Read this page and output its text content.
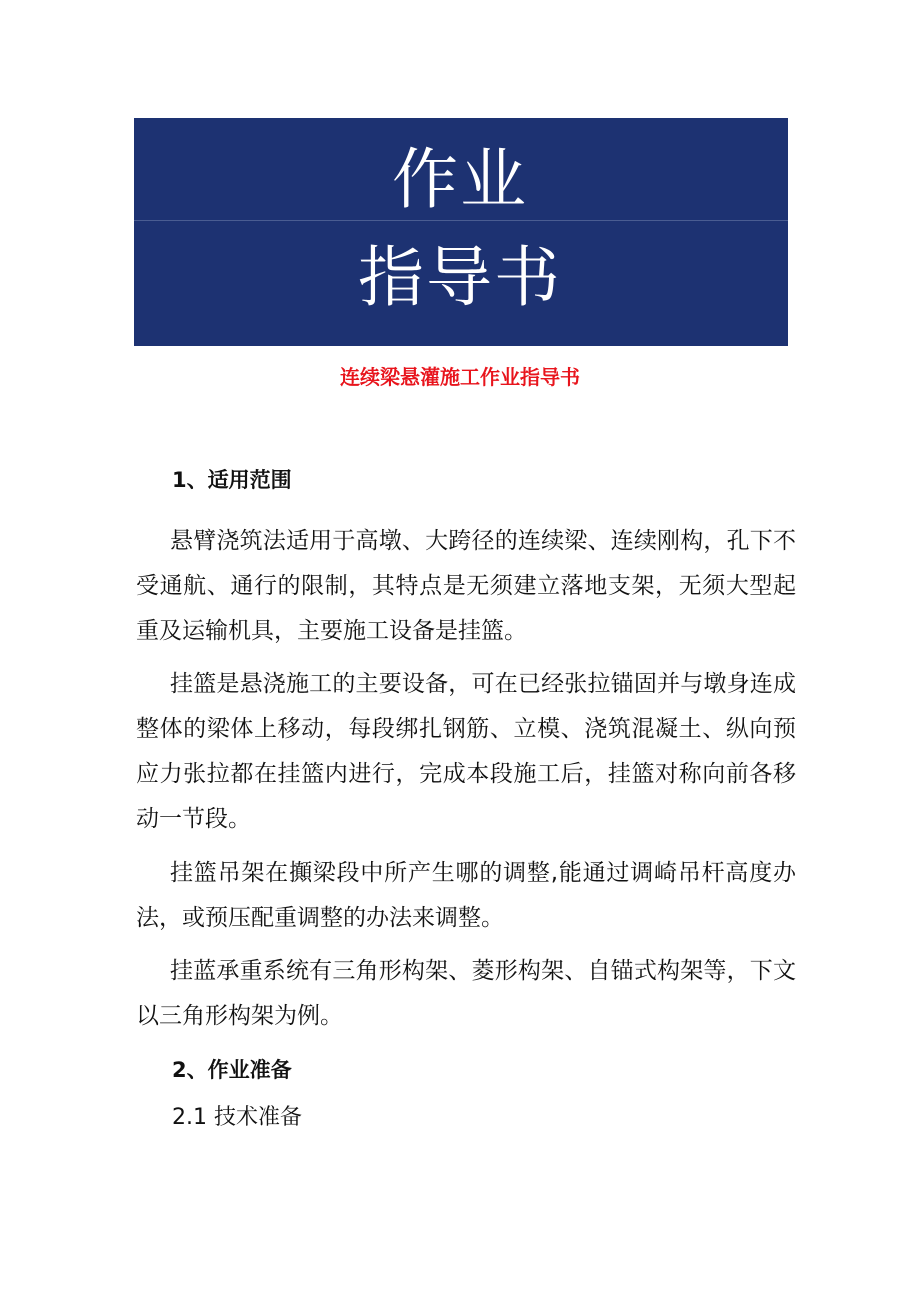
作业
指导书
连续梁悬灌施工作业指导书
1、适用范围

悬臂浇筑法适用于高墩、大跨径的连续梁、连续刚构，孔下不受通航、通行的限制，其特点是无须建立落地支架，无须大型起重及运输机具，主要施工设备是挂篮。

挂篮是悬浇施工的主要设备，可在已经张拉锚固并与墩身连成整体的梁体上移动，每段绑扎钢筋、立模、浇筑混凝土、纵向预应力张拉都在挂篮内进行，完成本段施工后，挂篮对称向前各移动一节段。

挂篮吊架在攧梁段中所产生哪的调整,能通过调崎吊杆高度办法，或预压配重调整的办法来调整。

挂蓝承重系统有三角形构架、菱形构架、自锚式构架等，下文以三角形构架为例。

2、作业准备
2.1 技术准备
